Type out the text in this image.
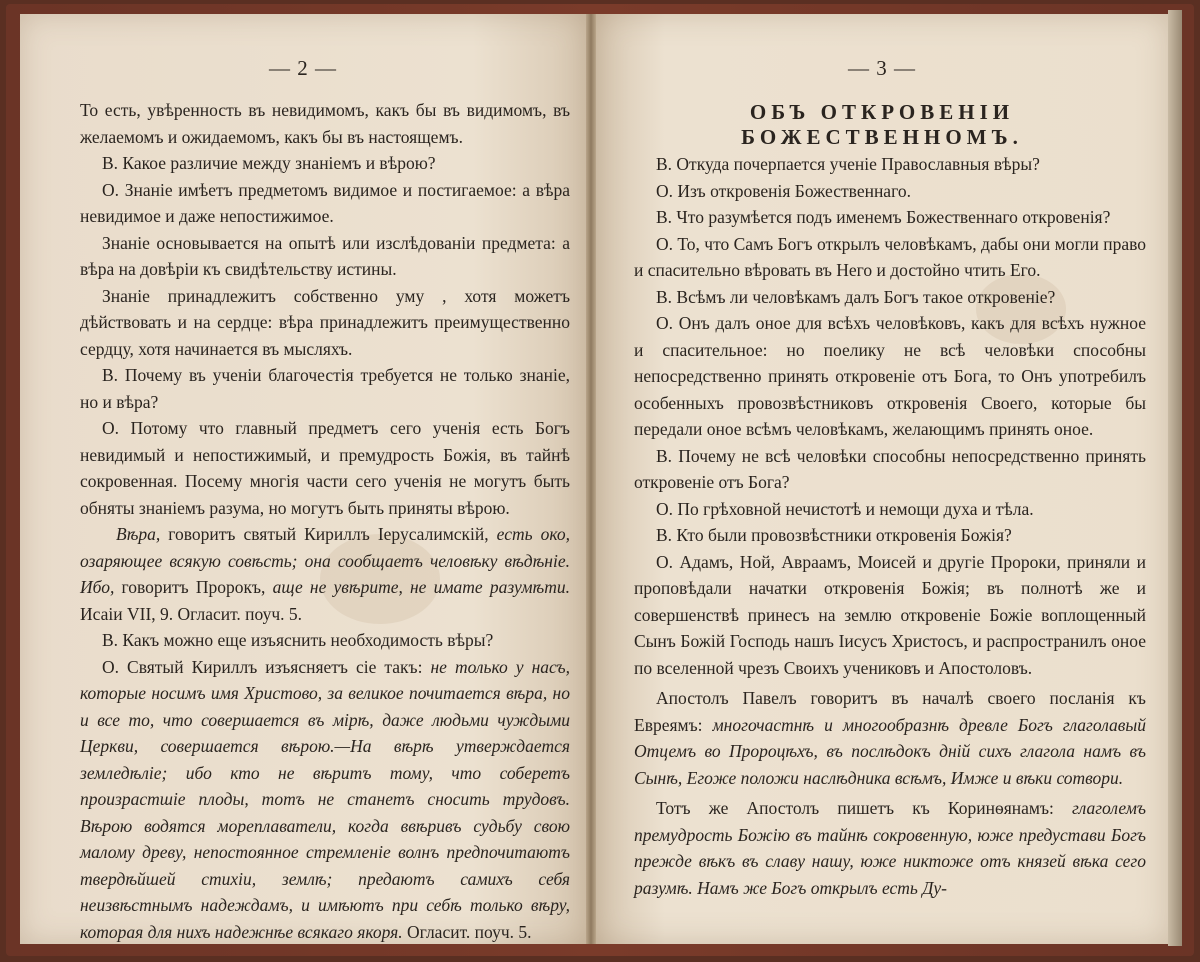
— 2 —

То есть, увѣренность въ невидимомъ, какъ бы въ видимомъ, въ желаемомъ и ожидаемомъ, какъ бы въ настоящемъ.

В. Какое различие между знаніемъ и вѣрою?

О. Знаніе имѣетъ предметомъ видимое и постигаемое: а вѣра невидимое и даже непостижимое.

Знаніе основывается на опытѣ или изслѣдованіи предмета: а вѣра на довѣріи къ свидѣтельству истины.

Знаніе принадлежитъ собственно уму , хотя можетъ дѣйствовать и на сердце: вѣра принадлежитъ преимущественно сердцу, хотя начинается въ мысляхъ.

В. Почему въ ученіи благочестія требуется не только знаніе, но и вѣра?

О. Потому что главный предметъ сего ученія есть Богъ невидимый и непостижимый, и премудрость Божія, въ тайнѣ сокровенная. Посему многія части сего ученія не могутъ быть обняты знаніемъ разума, но могутъ быть приняты вѣрою.

Вѣра, говоритъ святый Кириллъ Іерусалимскій, есть око, озаряющее всякую совѣсть; она сообщаетъ человѣку вѣдѣніе. Ибо, говоритъ Пророкъ, аще не увѣрите, не имате разумѣти. Исаіи VII, 9. Огласит. поуч. 5.

В. Какъ можно еще изъяснить необходимость вѣры?

О. Святый Кириллъ изъясняетъ сіе такъ: не только у насъ, которые носимъ имя Христово, за великое почитается вѣра, но и все то, что совершается въ мірѣ, даже людьми чуждыми Церкви, совершается вѣрою.—На вѣрѣ утверждается земледѣліе; ибо кто не вѣритъ тому, что соберетъ произрастшіе плоды, тотъ не станетъ сносить трудовъ. Вѣрою водятся мореплаватели, когда ввѣривъ судьбу свою малому древу, непостоянное стремленіе волнъ предпочитаютъ твердѣйшей стихіи, землѣ; предаютъ самихъ себя неизвѣстнымъ надеждамъ, и имѣютъ при себѣ только вѣру, которая для нихъ надежнѣе всякаго якоря. Огласит. поуч. 5.

— 3 —
ОБЪ ОТКРОВЕНІИ БОЖЕСТВЕННОМЪ.

В. Откуда почерпается ученіе Православныя вѣры?

О. Изъ откровенія Божественнаго.

В. Что разумѣется подъ именемъ Божественнаго откровенія?

О. То, что Самъ Богъ открылъ человѣкамъ, дабы они могли право и спасительно вѣровать въ Него и достойно чтить Его.

В. Всѣмъ ли человѣкамъ далъ Богъ такое откровеніе?

О. Онъ далъ оное для всѣхъ человѣковъ, какъ для всѣхъ нужное и спасительное: но поелику не всѣ человѣки способны непосредственно принять откровеніе отъ Бога, то Онъ употребилъ особенныхъ провозвѣстниковъ откровенія Своего, которые бы передали оное всѣмъ человѣкамъ, желающимъ принять оное.

В. Почему не всѣ человѣки способны непосредственно принять откровеніе отъ Бога?

О. По грѣховной нечистотѣ и немощи духа и тѣла.

В. Кто были провозвѣстники откровенія Божія?

О. Адамъ, Ной, Авраамъ, Моисей и другіе Пророки, приняли и проповѣдали начатки откровенія Божія; въ полнотѣ же и совершенствѣ принесъ на землю откровеніе Божіе воплощенный Сынъ Божій Господь нашъ Іисусъ Христосъ, и распространилъ оное по вселенной чрезъ Своихъ учениковъ и Апостоловъ.

Апостолъ Павелъ говоритъ въ началѣ своего посланія къ Евреямъ: многочастнѣ и многообразнѣ древле Богъ глаголавый Отцемъ во Пророцѣхъ, въ послѣдокъ дній сихъ глагола намъ въ Сынѣ, Егоже положи наслѣдника всѣмъ, Имже и вѣки сотвори.

Тотъ же Апостолъ пишетъ къ Коринѳянамъ: глаголемъ премудрость Божію въ тайнѣ сокровенную, юже предустави Богъ прежде вѣкъ въ славу нашу, юже никтоже отъ князей вѣка сего разумѣ. Намъ же Богъ открылъ есть Ду-
